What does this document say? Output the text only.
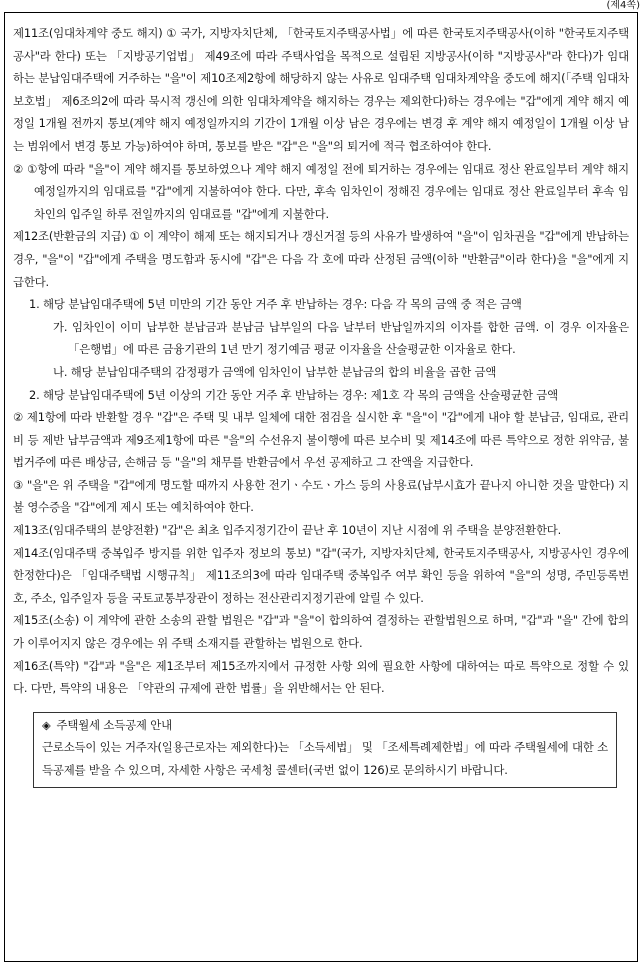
(제4쪽)

제11조(임대차계약 중도 해지) ① 국가, 지방자치단체, 「한국토지주택공사법」에 따른 한국토지주택공사(이하 "한국토지주택공사"라 한다) 또는 「지방공기업법」 제49조에 따라 주택사업을 목적으로 설립된 지방공사(이하 "지방공사"라 한다)가 임대하는 분납임대주택에 거주하는 "을"이 제10조제2항에 해당하지 않는 사유로 임대주택 임대차계약을 중도에 해지(「주택 임대차보호법」 제6조의2에 따라 묵시적 갱신에 의한 임대차계약을 해지하는 경우는 제외한다)하는 경우에는 "갑"에게 계약 해지 예정일 1개월 전까지 통보(계약 해지 예정일까지의 기간이 1개월 이상 남은 경우에는 변경 후 계약 해지 예정일이 1개월 이상 남는 범위에서 변경 통보 가능)하여야 하며, 통보를 받은 "갑"은 "을"의 퇴거에 적극 협조하여야 한다.

② ①항에 따라 "을"이 계약 해지를 통보하였으나 계약 해지 예정일 전에 퇴거하는 경우에는 임대료 정산 완료일부터 계약 해지 예정일까지의 임대료를 "갑"에게 지불하여야 한다. 다만, 후속 임차인이 정해진 경우에는 임대료 정산 완료일부터 후속 임차인의 입주일 하루 전일까지의 임대료를 "갑"에게 지불한다.

제12조(반환금의 지급) ① 이 계약이 해제 또는 해지되거나 갱신거절 등의 사유가 발생하여 "을"이 임차권을 "갑"에게 반납하는 경우, "을"이 "갑"에게 주택을 명도함과 동시에 "갑"은 다음 각 호에 따라 산정된 금액(이하 "반환금"이라 한다)을 "을"에게 지급한다.

1. 해당 분납임대주택에 5년 미만의 기간 동안 거주 후 반납하는 경우: 다음 각 목의 금액 중 적은 금액

가. 임차인이 이미 납부한 분납금과 분납금 납부일의 다음 날부터 반납일까지의 이자를 합한 금액. 이 경우 이자율은 「은행법」에 따른 금융기관의 1년 만기 정기예금 평균 이자율을 산술평균한 이자율로 한다.

나. 해당 분납임대주택의 감정평가 금액에 임차인이 납부한 분납금의 합의 비율을 곱한 금액

2. 해당 분납임대주택에 5년 이상의 기간 동안 거주 후 반납하는 경우: 제1호 각 목의 금액을 산술평균한 금액

② 제1항에 따라 반환할 경우 "갑"은 주택 및 내부 일체에 대한 점검을 실시한 후 "을"이 "갑"에게 내야 할 분납금, 임대료, 관리비 등 제반 납부금액과 제9조제1항에 따른 "을"의 수선유지 불이행에 따른 보수비 및 제14조에 따른 특약으로 정한 위약금, 불법거주에 따른 배상금, 손해금 등 "을"의 채무를 반환금에서 우선 공제하고 그 잔액을 지급한다.

③ "을"은 위 주택을 "갑"에게 명도할 때까지 사용한 전기ㆍ수도ㆍ가스 등의 사용료(납부시효가 끝나지 아니한 것을 말한다) 지불 영수증을 "갑"에게 제시 또는 예치하여야 한다.

제13조(임대주택의 분양전환) "갑"은 최초 입주지정기간이 끝난 후 10년이 지난 시점에 위 주택을 분양전환한다.

제14조(임대주택 중복입주 방지를 위한 입주자 정보의 통보) "갑"(국가, 지방자치단체, 한국토지주택공사, 지방공사인 경우에 한정한다)은 「임대주택법 시행규칙」 제11조의3에 따라 임대주택 중복입주 여부 확인 등을 위하여 "을"의 성명, 주민등록번호, 주소, 입주일자 등을 국토교통부장관이 정하는 전산관리지정기관에 알릴 수 있다.

제15조(소송) 이 계약에 관한 소송의 관할 법원은 "갑"과 "을"이 합의하여 결정하는 관할법원으로 하며, "갑"과 "을" 간에 합의가 이루어지지 않은 경우에는 위 주택 소재지를 관할하는 법원으로 한다.

제16조(특약) "갑"과 "을"은 제1조부터 제15조까지에서 규정한 사항 외에 필요한 사항에 대하여는 따로 특약으로 정할 수 있다. 다만, 특약의 내용은 「약관의 규제에 관한 법률」을 위반해서는 안 된다.

◈ 주택월세 소득공제 안내

근로소득이 있는 거주자(일용근로자는 제외한다)는 「소득세법」 및 「조세특례제한법」에 따라 주택월세에 대한 소득공제를 받을 수 있으며, 자세한 사항은 국세청 콜센터(국번 없이 126)로 문의하시기 바랍니다.
